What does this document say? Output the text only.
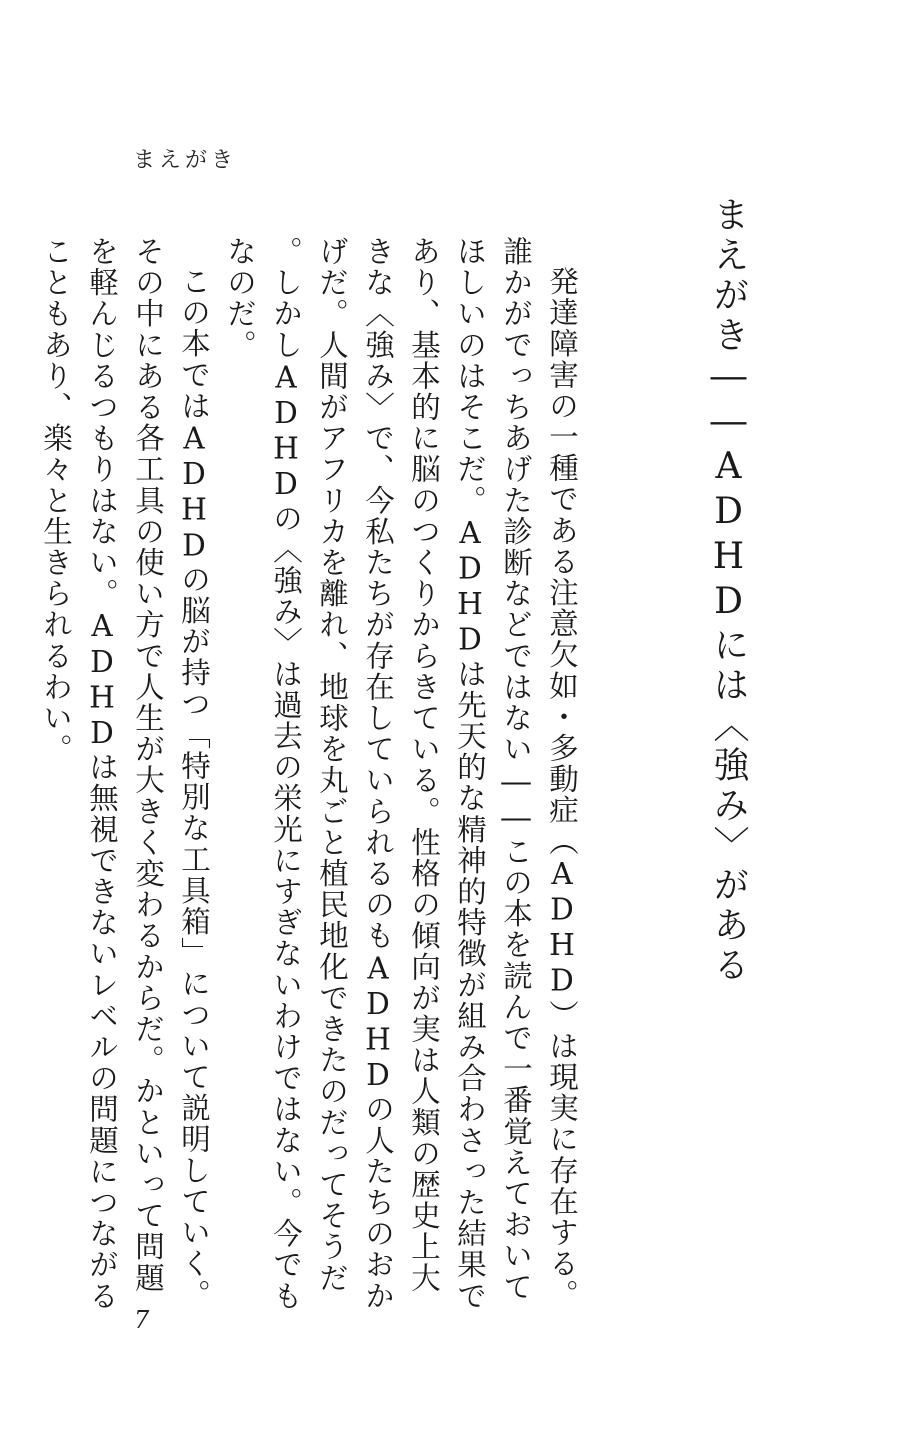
まえがき
まえがき――ADHDには〈強み〉がある

発達障害の一種である注意欠如・多動症（ADHD）は現実に存在する。誰かがでっちあげた診断などではない――この本を読んで一番覚えておいてほしいのはそこだ。ADHDは先天的な精神的特徴が組み合わさった結果であり、基本的に脳のつくりからきている。性格の傾向が実は人類の歴史上大きな〈強み〉で、今私たちが存在していられるのもADHDの人たちのおかげだ。人間がアフリカを離れ、地球を丸ごと植民地化できたのだってそうだ。しかしADHDの〈強み〉は過去の栄光にすぎないわけではない。今でもなのだ。

この本ではADHDの脳が持つ「特別な工具箱」について説明していく。その中にある各工具の使い方で人生が大きく変わるからだ。かといって問題を軽んじるつもりはない。ADHDは無視できないレベルの問題につながることもあり、楽々と生きられるわい。

7
